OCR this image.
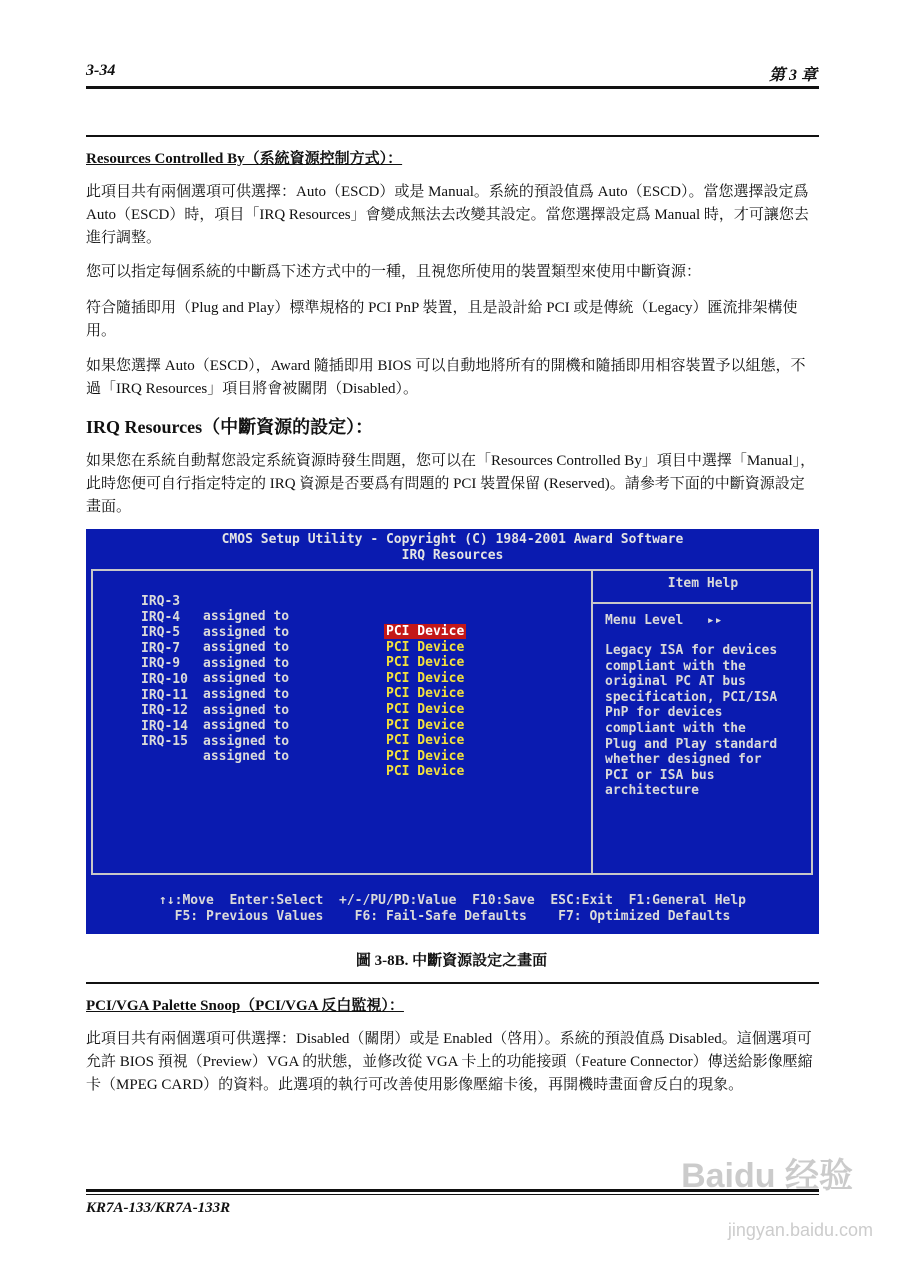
3-34	第 3 章
Resources Controlled By（系統資源控制方式）：
此項目共有兩個選項可供選擇：Auto（ESCD）或是 Manual。系統的預設值爲 Auto（ESCD）。當您選擇設定爲 Auto（ESCD）時，項目「IRQ Resources」會變成無法去改變其設定。當您選擇設定爲 Manual 時，才可讓您去進行調整。
您可以指定每個系統的中斷爲下述方式中的一種，且視您所使用的裝置類型來使用中斷資源：
符合隨插即用（Plug and Play）標準規格的 PCI PnP 裝置，且是設計給 PCI 或是傳統（Legacy）匯流排架構使用。
如果您選擇 Auto（ESCD），Award 隨插即用 BIOS 可以自動地將所有的開機和隨插即用相容裝置予以組態，不過「IRQ Resources」項目將會被關閉（Disabled）。
IRQ Resources（中斷資源的設定）：
如果您在系統自動幫您設定系統資源時發生問題，您可以在「Resources Controlled By」項目中選擇「Manual」，此時您便可自行指定特定的 IRQ 資源是否要爲有問題的 PCI 裝置保留 (Reserved)。請參考下面的中斷資源設定畫面。
CMOS Setup Utility - Copyright (C) 1984-2001 Award Software
IRQ Resources

IRQ-3

assigned to

PCI Device

IRQ-4

assigned to

PCI Device

IRQ-5

assigned to

PCI Device

IRQ-7

assigned to

PCI Device

IRQ-9

assigned to

PCI Device

IRQ-10

assigned to

PCI Device

IRQ-11

assigned to

PCI Device

IRQ-12

assigned to

PCI Device

IRQ-14

assigned to

PCI Device

IRQ-15

assigned to

PCI Device

Item Help
Menu Level   ▸▸
Legacy ISA for devices
compliant with the
original PC AT bus
specification, PCI/ISA
PnP for devices
compliant with the
Plug and Play standard
whether designed for
PCI or ISA bus
architecture
↑↓:Move  Enter:Select  +/-/PU/PD:Value  F10:Save  ESC:Exit  F1:General Help
F5: Previous Values    F6: Fail-Safe Defaults    F7: Optimized Defaults
圖 3-8B. 中斷資源設定之畫面
PCI/VGA Palette Snoop（PCI/VGA 反白監視）：
此項目共有兩個選項可供選擇：Disabled（關閉）或是 Enabled（啓用）。系統的預設值爲 Disabled。這個選項可允許 BIOS 預視（Preview）VGA 的狀態，並修改從 VGA 卡上的功能接頭（Feature Connector）傳送給影像壓縮卡（MPEG CARD）的資料。此選項的執行可改善使用影像壓縮卡後，再開機時畫面會反白的現象。
KR7A-133/KR7A-133R
Baidu 经验
jingyan.baidu.com
